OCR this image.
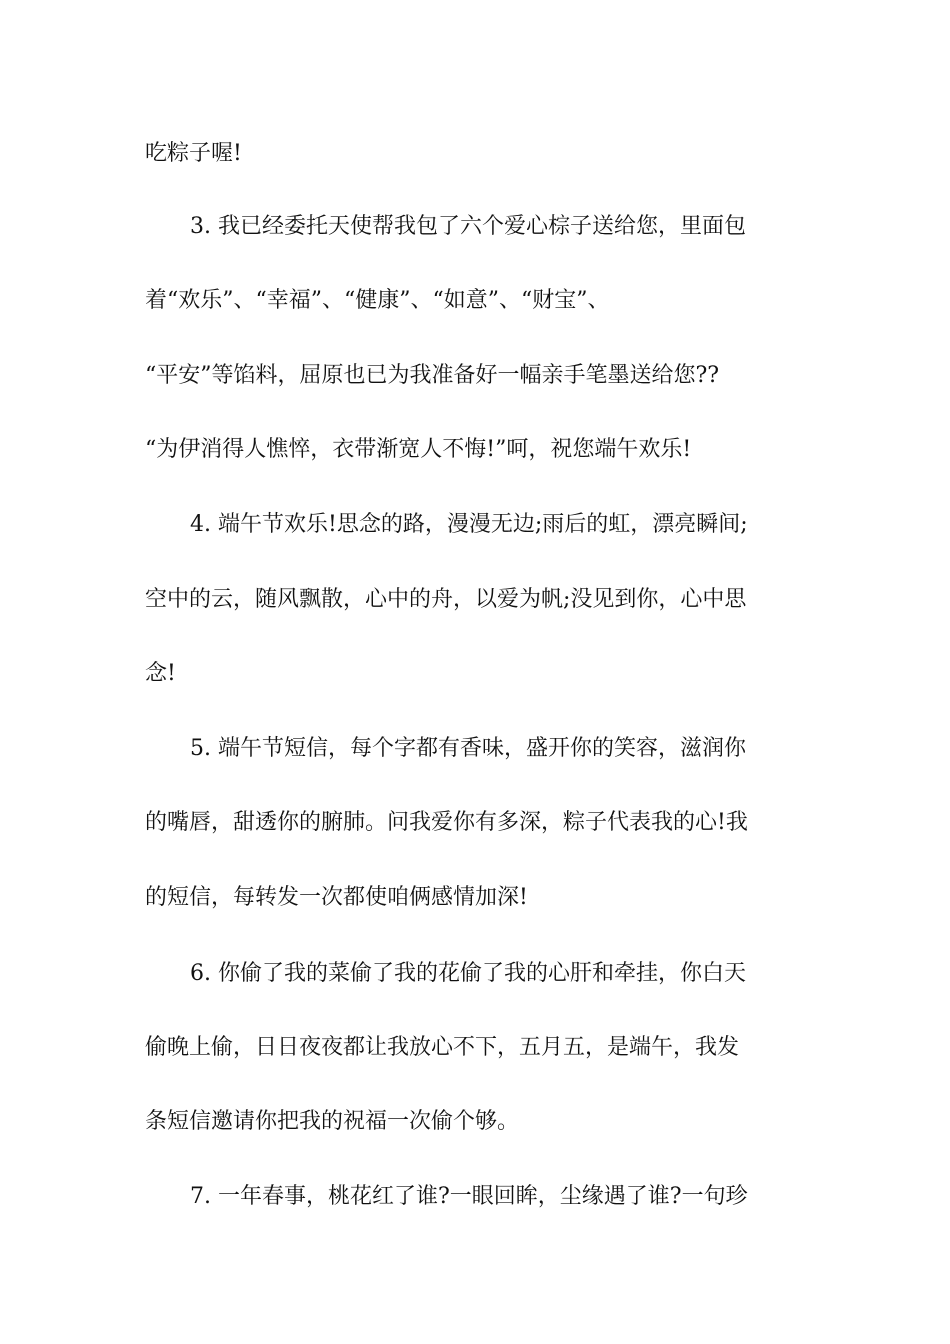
吃粽子喔!
3. 我已经委托天使帮我包了六个爱心棕子送给您，里面包
着“欢乐”、“幸福”、“健康”、“如意”、“财宝”、
“平安”等馅料，屈原也已为我准备好一幅亲手笔墨送给您??
“为伊消得人憔悴，衣带渐宽人不悔!”呵，祝您端午欢乐!
4. 端午节欢乐!思念的路，漫漫无边;雨后的虹，漂亮瞬间;
空中的云，随风飘散，心中的舟，以爱为帆;没见到你，心中思
念!
5. 端午节短信，每个字都有香味，盛开你的笑容，滋润你
的嘴唇，甜透你的腑肺。问我爱你有多深，粽子代表我的心!我
的短信，每转发一次都使咱俩感情加深!
6. 你偷了我的菜偷了我的花偷了我的心肝和牵挂，你白天
偷晚上偷，日日夜夜都让我放心不下，五月五，是端午，我发
条短信邀请你把我的祝福一次偷个够。
7. 一年春事，桃花红了谁?一眼回眸，尘缘遇了谁?一句珍
